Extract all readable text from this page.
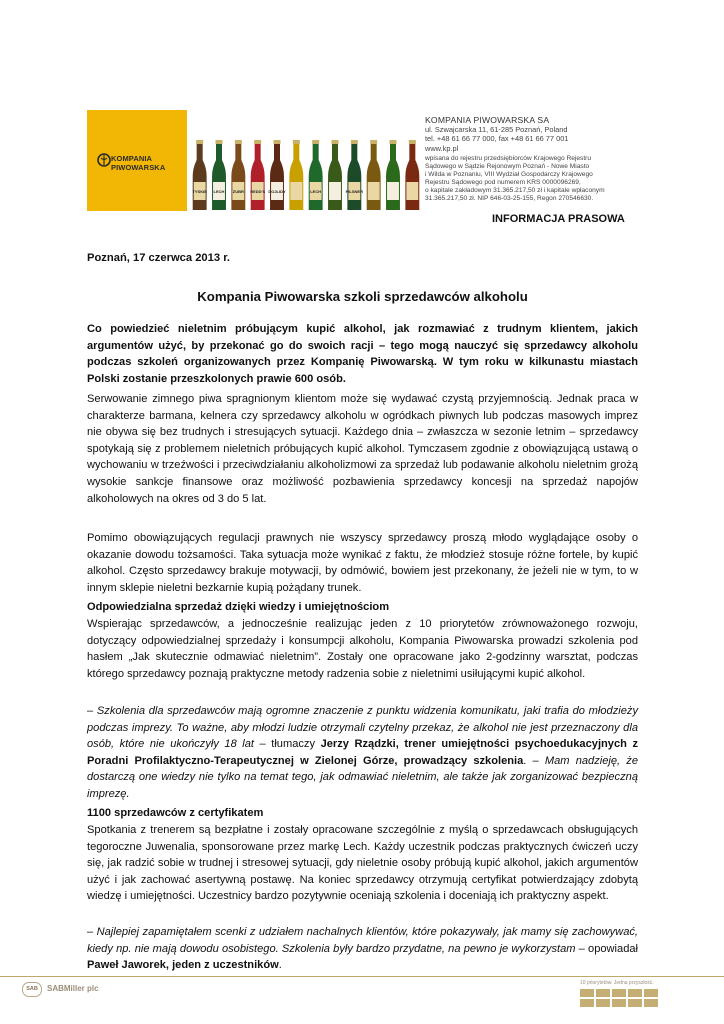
KOMPANIA
PIWOWARSKA
TYSKIE LECH ŻUBR REDD'S DOJLIDY	LECH	PILSNER
KOMPANIA PIWOWARSKA SA
ul. Szwajcarska 11, 61-285 Poznań, Poland
tel. +48 61 66 77 000, fax +48 61 66 77 001
www.kp.pl
wpisana do rejestru przedsiębiorców Krajowego Rejestru
Sądowego w Sądzie Rejonowym Poznań - Nowe Miasto
i Wilda w Poznaniu, VIII Wydział Gospodarczy Krajowego
Rejestru Sądowego pod numerem KRS 0000096269,
o kapitale zakładowym 31.365.217,50 zł i kapitale wpłaconym
31.365.217,50 zł. NIP 646-03-25-155, Regon 270546630.
INFORMACJA PRASOWA
Poznań, 17 czerwca 2013 r.
Kompania Piwowarska szkoli sprzedawców alkoholu
Co powiedzieć nieletnim próbującym kupić alkohol, jak rozmawiać z trudnym klientem, jakich argumentów użyć, by przekonać go do swoich racji – tego mogą nauczyć się sprzedawcy alkoholu podczas szkoleń organizowanych przez Kompanię Piwowarską. W tym roku w kilkunastu miastach Polski zostanie przeszkolonych prawie 600 osób.
Serwowanie zimnego piwa spragnionym klientom może się wydawać czystą przyjemnością. Jednak praca w charakterze barmana, kelnera czy sprzedawcy alkoholu w ogródkach piwnych lub podczas masowych imprez nie obywa się bez trudnych i stresujących sytuacji. Każdego dnia – zwłaszcza w sezonie letnim – sprzedawcy spotykają się z problemem nieletnich próbujących kupić alkohol. Tymczasem zgodnie z obowiązującą ustawą o wychowaniu w trzeźwości i przeciwdziałaniu alkoholizmowi za sprzedaż lub podawanie alkoholu nieletnim grożą wysokie sankcje finansowe oraz możliwość pozbawienia sprzedawcy koncesji na sprzedaż napojów alkoholowych na okres od 3 do 5 lat.
Pomimo obowiązujących regulacji prawnych nie wszyscy sprzedawcy proszą młodo wyglądające osoby o okazanie dowodu tożsamości. Taka sytuacja może wynikać z faktu, że młodzież stosuje różne fortele, by kupić alkohol. Często sprzedawcy brakuje motywacji, by odmówić, bowiem jest przekonany, że jeżeli nie w tym, to w innym sklepie nieletni bezkarnie kupią pożądany trunek.
Odpowiedzialna sprzedaż dzięki wiedzy i umiejętnościom
Wspierając sprzedawców, a jednocześnie realizując jeden z 10 priorytetów zrównoważonego rozwoju, dotyczący odpowiedzialnej sprzedaży i konsumpcji alkoholu, Kompania Piwowarska prowadzi szkolenia pod hasłem „Jak skutecznie odmawiać nieletnim”. Zostały one opracowane jako 2-godzinny warsztat, podczas którego sprzedawcy poznają praktyczne metody radzenia sobie z nieletnimi usiłującymi kupić alkohol.
– Szkolenia dla sprzedawców mają ogromne znaczenie z punktu widzenia komunikatu, jaki trafia do młodzieży podczas imprezy. To ważne, aby młodzi ludzie otrzymali czytelny przekaz, że alkohol nie jest przeznaczony dla osób, które nie ukończyły 18 lat – tłumaczy Jerzy Rządzki, trener umiejętności psychoedukacyjnych z Poradni Profilaktyczno-Terapeutycznej w Zielonej Górze, prowadzący szkolenia. – Mam nadzieję, że dostarczą one wiedzy nie tylko na temat tego, jak odmawiać nieletnim, ale także jak zorganizować bezpieczną imprezę.
1100 sprzedawców z certyfikatem
Spotkania z trenerem są bezpłatne i zostały opracowane szczególnie z myślą o sprzedawcach obsługujących tegoroczne Juwenalia, sponsorowane przez markę Lech. Każdy uczestnik podczas praktycznych ćwiczeń uczy się, jak radzić sobie w trudnej i stresowej sytuacji, gdy nieletnie osoby próbują kupić alkohol, jakich argumentów użyć i jak zachować asertywną postawę. Na koniec sprzedawcy otrzymują certyfikat potwierdzający zdobytą wiedzę i umiejętności. Uczestnicy bardzo pozytywnie oceniają szkolenia i doceniają ich praktyczny aspekt.
– Najlepiej zapamiętałem scenki z udziałem nachalnych klientów, które pokazywały, jak mamy się zachowywać, kiedy np. nie mają dowodu osobistego. Szkolenia były bardzo przydatne, na pewno je wykorzystam – opowiadał Paweł Jaworek, jeden z uczestników.
SAB	SABMiller plc
10 priorytetów. Jedna przyszłość.
